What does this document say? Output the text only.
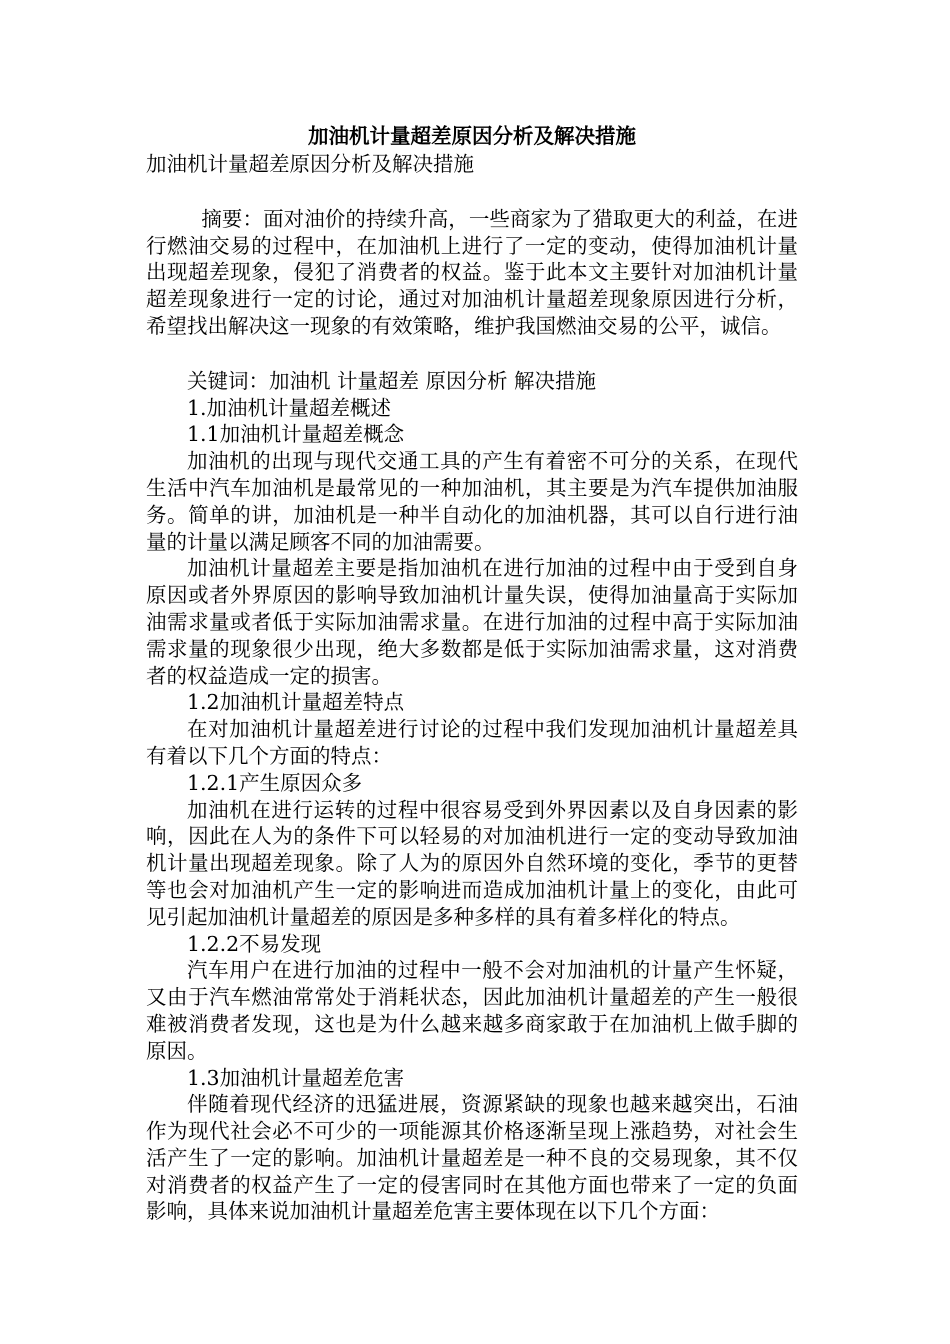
加油机计量超差原因分析及解决措施

加油机计量超差原因分析及解决措施

摘要：面对油价的持续升高，一些商家为了猎取更大的利益，在进行燃油交易的过程中，在加油机上进行了一定的变动，使得加油机计量出现超差现象，侵犯了消费者的权益。鉴于此本文主要针对加油机计量超差现象进行一定的讨论，通过对加油机计量超差现象原因进行分析，希望找出解决这一现象的有效策略，维护我国燃油交易的公平，诚信。

关键词：加油机 计量超差 原因分析 解决措施

1.加油机计量超差概述

1.1加油机计量超差概念

加油机的出现与现代交通工具的产生有着密不可分的关系，在现代生活中汽车加油机是最常见的一种加油机，其主要是为汽车提供加油服务。简单的讲，加油机是一种半自动化的加油机器，其可以自行进行油量的计量以满足顾客不同的加油需要。

加油机计量超差主要是指加油机在进行加油的过程中由于受到自身原因或者外界原因的影响导致加油机计量失误，使得加油量高于实际加油需求量或者低于实际加油需求量。在进行加油的过程中高于实际加油需求量的现象很少出现，绝大多数都是低于实际加油需求量，这对消费者的权益造成一定的损害。

1.2加油机计量超差特点

在对加油机计量超差进行讨论的过程中我们发现加油机计量超差具有着以下几个方面的特点：

1.2.1产生原因众多

加油机在进行运转的过程中很容易受到外界因素以及自身因素的影响，因此在人为的条件下可以轻易的对加油机进行一定的变动导致加油机计量出现超差现象。除了人为的原因外自然环境的变化，季节的更替等也会对加油机产生一定的影响进而造成加油机计量上的变化，由此可见引起加油机计量超差的原因是多种多样的具有着多样化的特点。

1.2.2不易发现

汽车用户在进行加油的过程中一般不会对加油机的计量产生怀疑，又由于汽车燃油常常处于消耗状态，因此加油机计量超差的产生一般很难被消费者发现，这也是为什么越来越多商家敢于在加油机上做手脚的原因。

1.3加油机计量超差危害

伴随着现代经济的迅猛进展，资源紧缺的现象也越来越突出，石油作为现代社会必不可少的一项能源其价格逐渐呈现上涨趋势，对社会生活产生了一定的影响。加油机计量超差是一种不良的交易现象，其不仅对消费者的权益产生了一定的侵害同时在其他方面也带来了一定的负面影响，具体来说加油机计量超差危害主要体现在以下几个方面：
